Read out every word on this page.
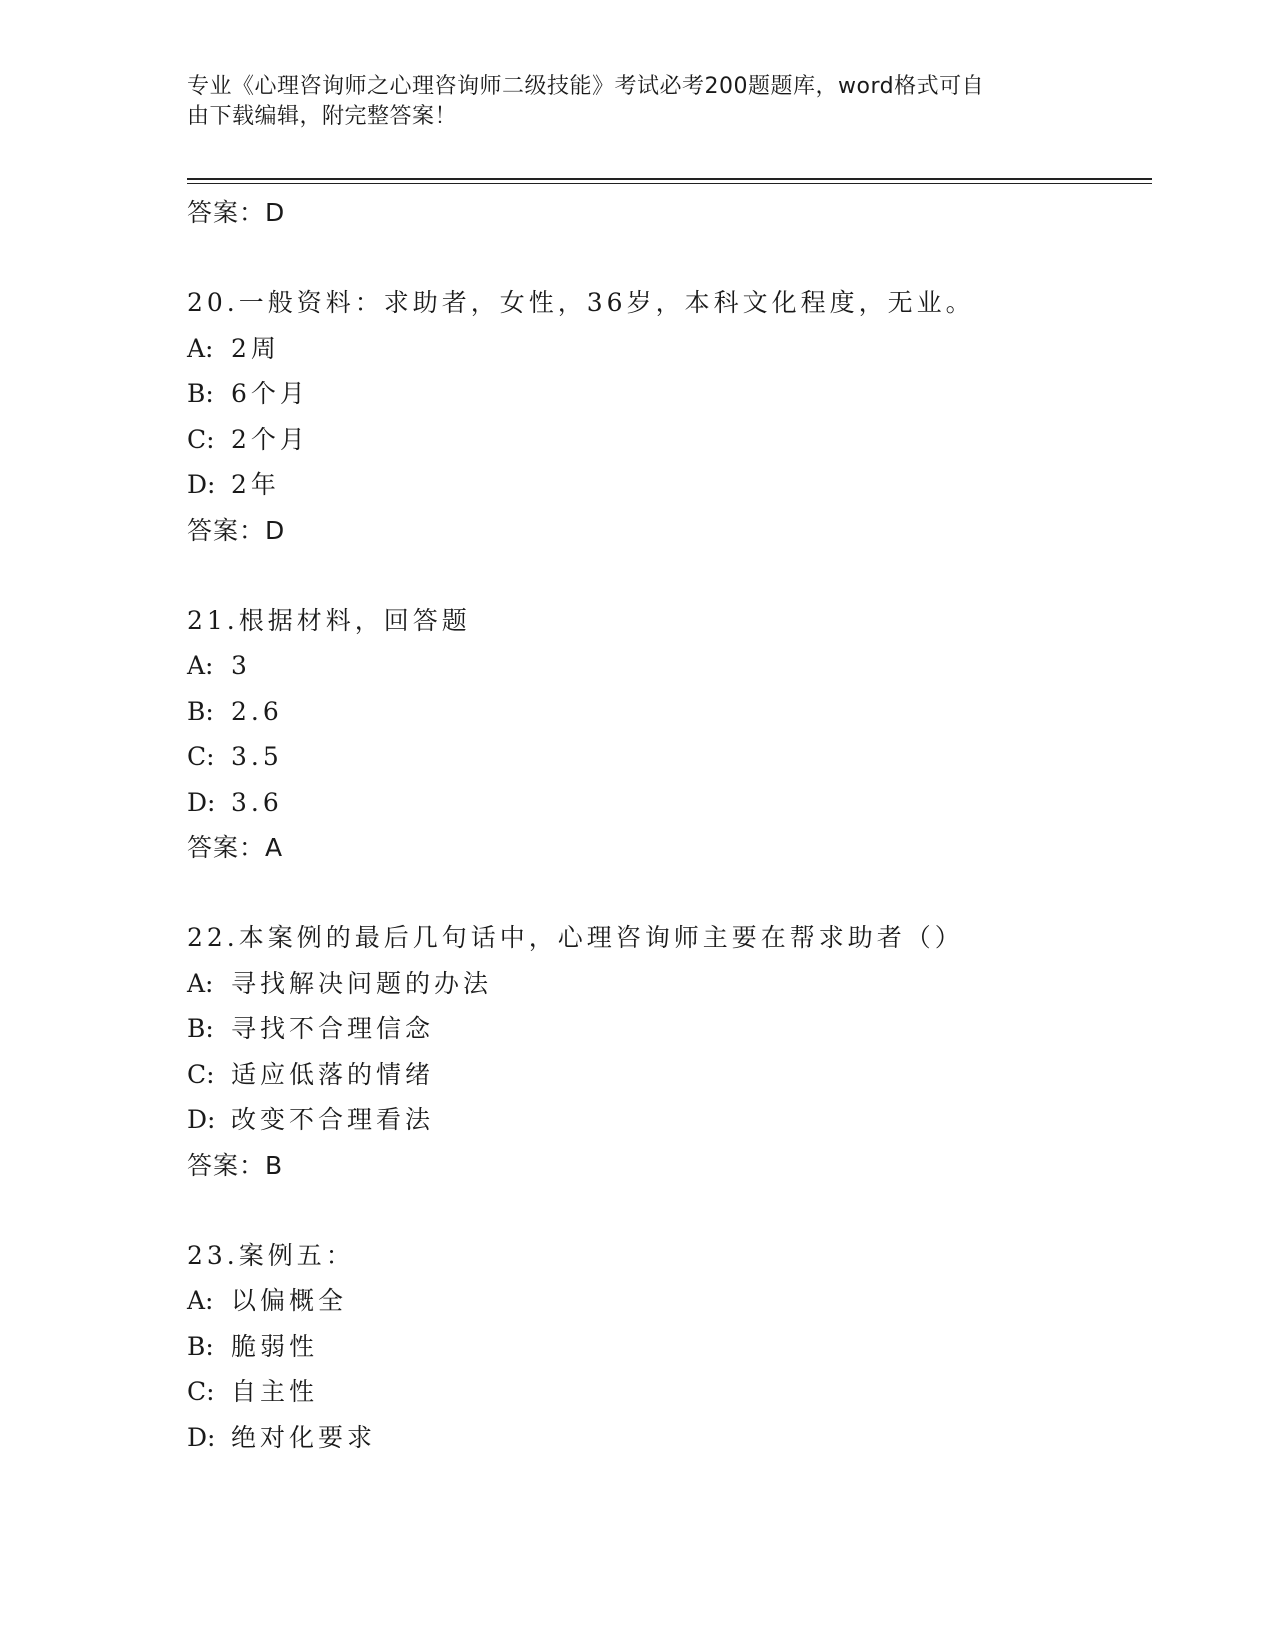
专业《心理咨询师之心理咨询师二级技能》考试必考200题题库，word格式可自
由下载编辑，附完整答案！
答案：D
20.一般资料：求助者，女性，36岁，本科文化程度，无业。
A: 2周
B: 6个月
C: 2个月
D: 2年
答案：D
21.根据材料，回答题
A: 3
B: 2.6
C: 3.5
D: 3.6
答案：A
22.本案例的最后几句话中，心理咨询师主要在帮求助者（）
A: 寻找解决问题的办法
B: 寻找不合理信念
C: 适应低落的情绪
D: 改变不合理看法
答案：B
23.案例五：
A: 以偏概全
B: 脆弱性
C: 自主性
D: 绝对化要求
